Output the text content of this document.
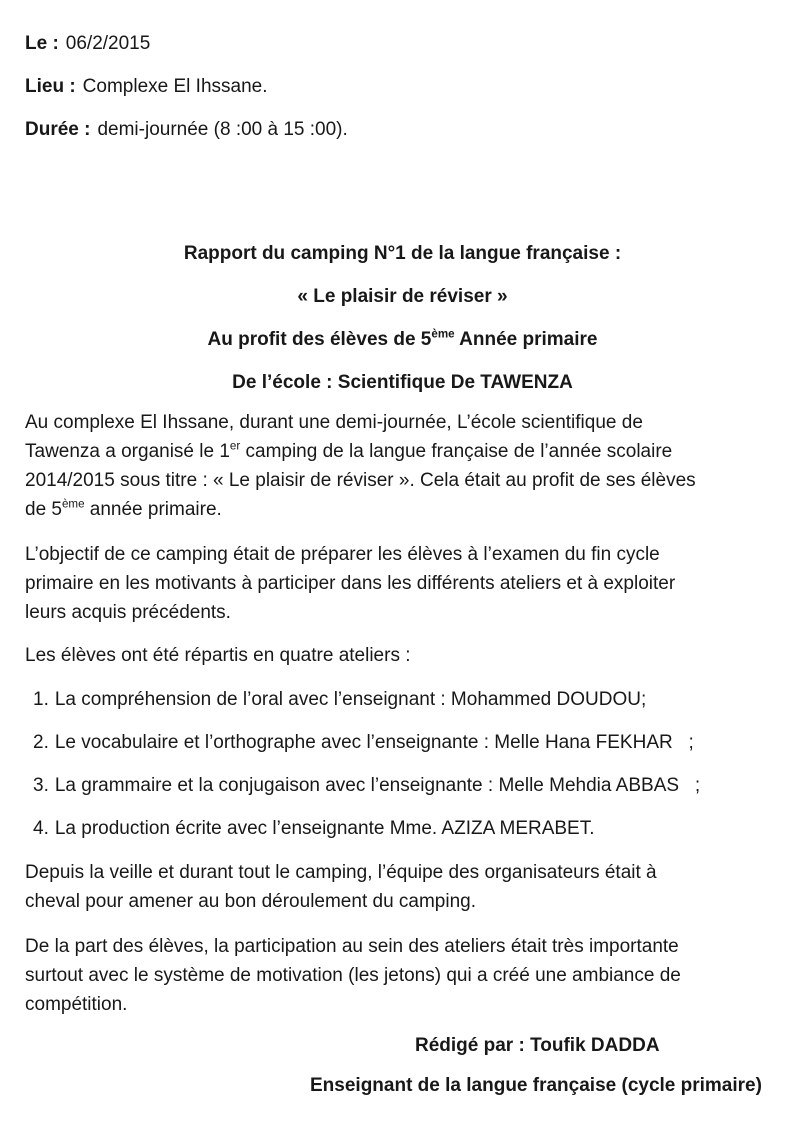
Le : 06/2/2015
Lieu : Complexe El Ihssane.
Durée : demi-journée (8 :00 à 15 :00).
Rapport du camping N°1 de la langue française :
« Le plaisir de réviser »
Au profit des élèves de 5ème Année primaire
De l’école : Scientifique De TAWENZA
Au complexe El Ihssane, durant une demi-journée, L’école scientifique de
Tawenza a organisé le 1er camping de la langue française de l’année scolaire
2014/2015 sous titre : « Le plaisir de réviser ». Cela était au profit de ses élèves
de 5ème année primaire.
L’objectif de ce camping était de préparer les élèves à l’examen du fin cycle
primaire en les motivants à participer dans les différents ateliers et à exploiter
leurs acquis précédents.
Les élèves ont été répartis en quatre ateliers :
1. La compréhension de l’oral avec l’enseignant : Mohammed DOUDOU;
2. Le vocabulaire et l’orthographe avec l’enseignante : Melle Hana FEKHAR   ;
3. La grammaire et la conjugaison avec l’enseignante : Melle Mehdia ABBAS   ;
4. La production écrite avec l’enseignante Mme. AZIZA MERABET.
Depuis la veille et durant tout le camping, l’équipe des organisateurs était à
cheval pour amener au bon déroulement du camping.
De la part des élèves, la participation au sein des ateliers était très importante
surtout avec le système de motivation (les jetons) qui a créé une ambiance de
compétition.
Rédigé par : Toufik DADDA
Enseignant de la langue française (cycle primaire)
